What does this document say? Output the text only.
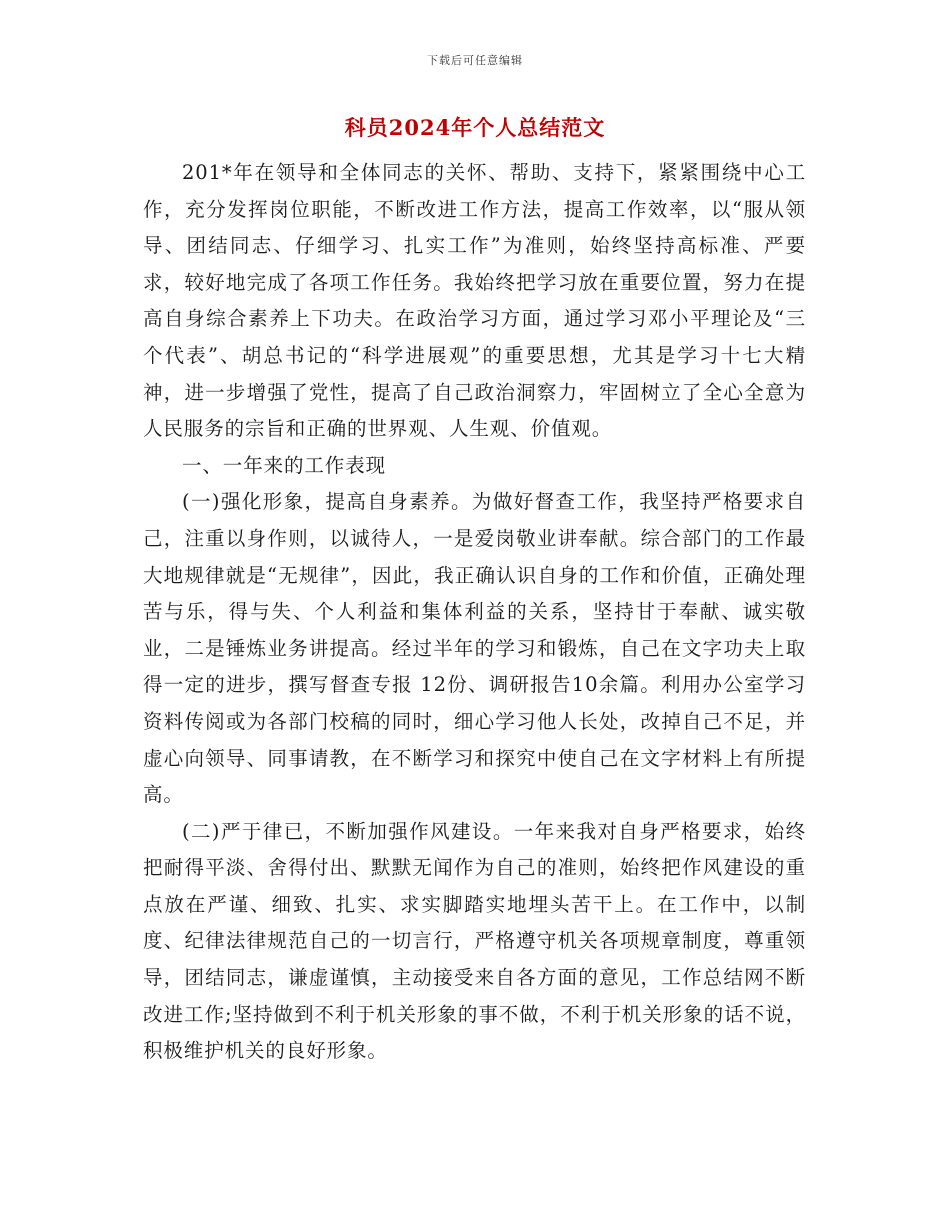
下载后可任意编辑
科员2024年个人总结范文

201*年在领导和全体同志的关怀、帮助、支持下，紧紧围绕中心工作，充分发挥岗位职能，不断改进工作方法，提高工作效率，以“服从领导、团结同志、仔细学习、扎实工作”为准则，始终坚持高标准、严要求，较好地完成了各项工作任务。我始终把学习放在重要位置，努力在提高自身综合素养上下功夫。在政治学习方面，通过学习邓小平理论及“三个代表”、胡总书记的“科学进展观”的重要思想，尤其是学习十七大精神，进一步增强了党性，提高了自己政治洞察力，牢固树立了全心全意为人民服务的宗旨和正确的世界观、人生观、价值观。

一、一年来的工作表现

(一)强化形象，提高自身素养。为做好督查工作，我坚持严格要求自己，注重以身作则，以诚待人，一是爱岗敬业讲奉献。综合部门的工作最大地规律就是“无规律”，因此，我正确认识自身的工作和价值，正确处理苦与乐，得与失、个人利益和集体利益的关系，坚持甘于奉献、诚实敬业，二是锤炼业务讲提高。经过半年的学习和锻炼，自己在文字功夫上取得一定的进步，撰写督查专报 12份、调研报告10余篇。利用办公室学习资料传阅或为各部门校稿的同时，细心学习他人长处，改掉自己不足，并虚心向领导、同事请教，在不断学习和探究中使自己在文字材料上有所提高。

(二)严于律已，不断加强作风建设。一年来我对自身严格要求，始终把耐得平淡、舍得付出、默默无闻作为自己的准则，始终把作风建设的重点放在严谨、细致、扎实、求实脚踏实地埋头苦干上。在工作中，以制度、纪律法律规范自己的一切言行，严格遵守机关各项规章制度，尊重领导，团结同志，谦虚谨慎，主动接受来自各方面的意见，工作总结网不断改进工作;坚持做到不利于机关形象的事不做，不利于机关形象的话不说，积极维护机关的良好形象。
